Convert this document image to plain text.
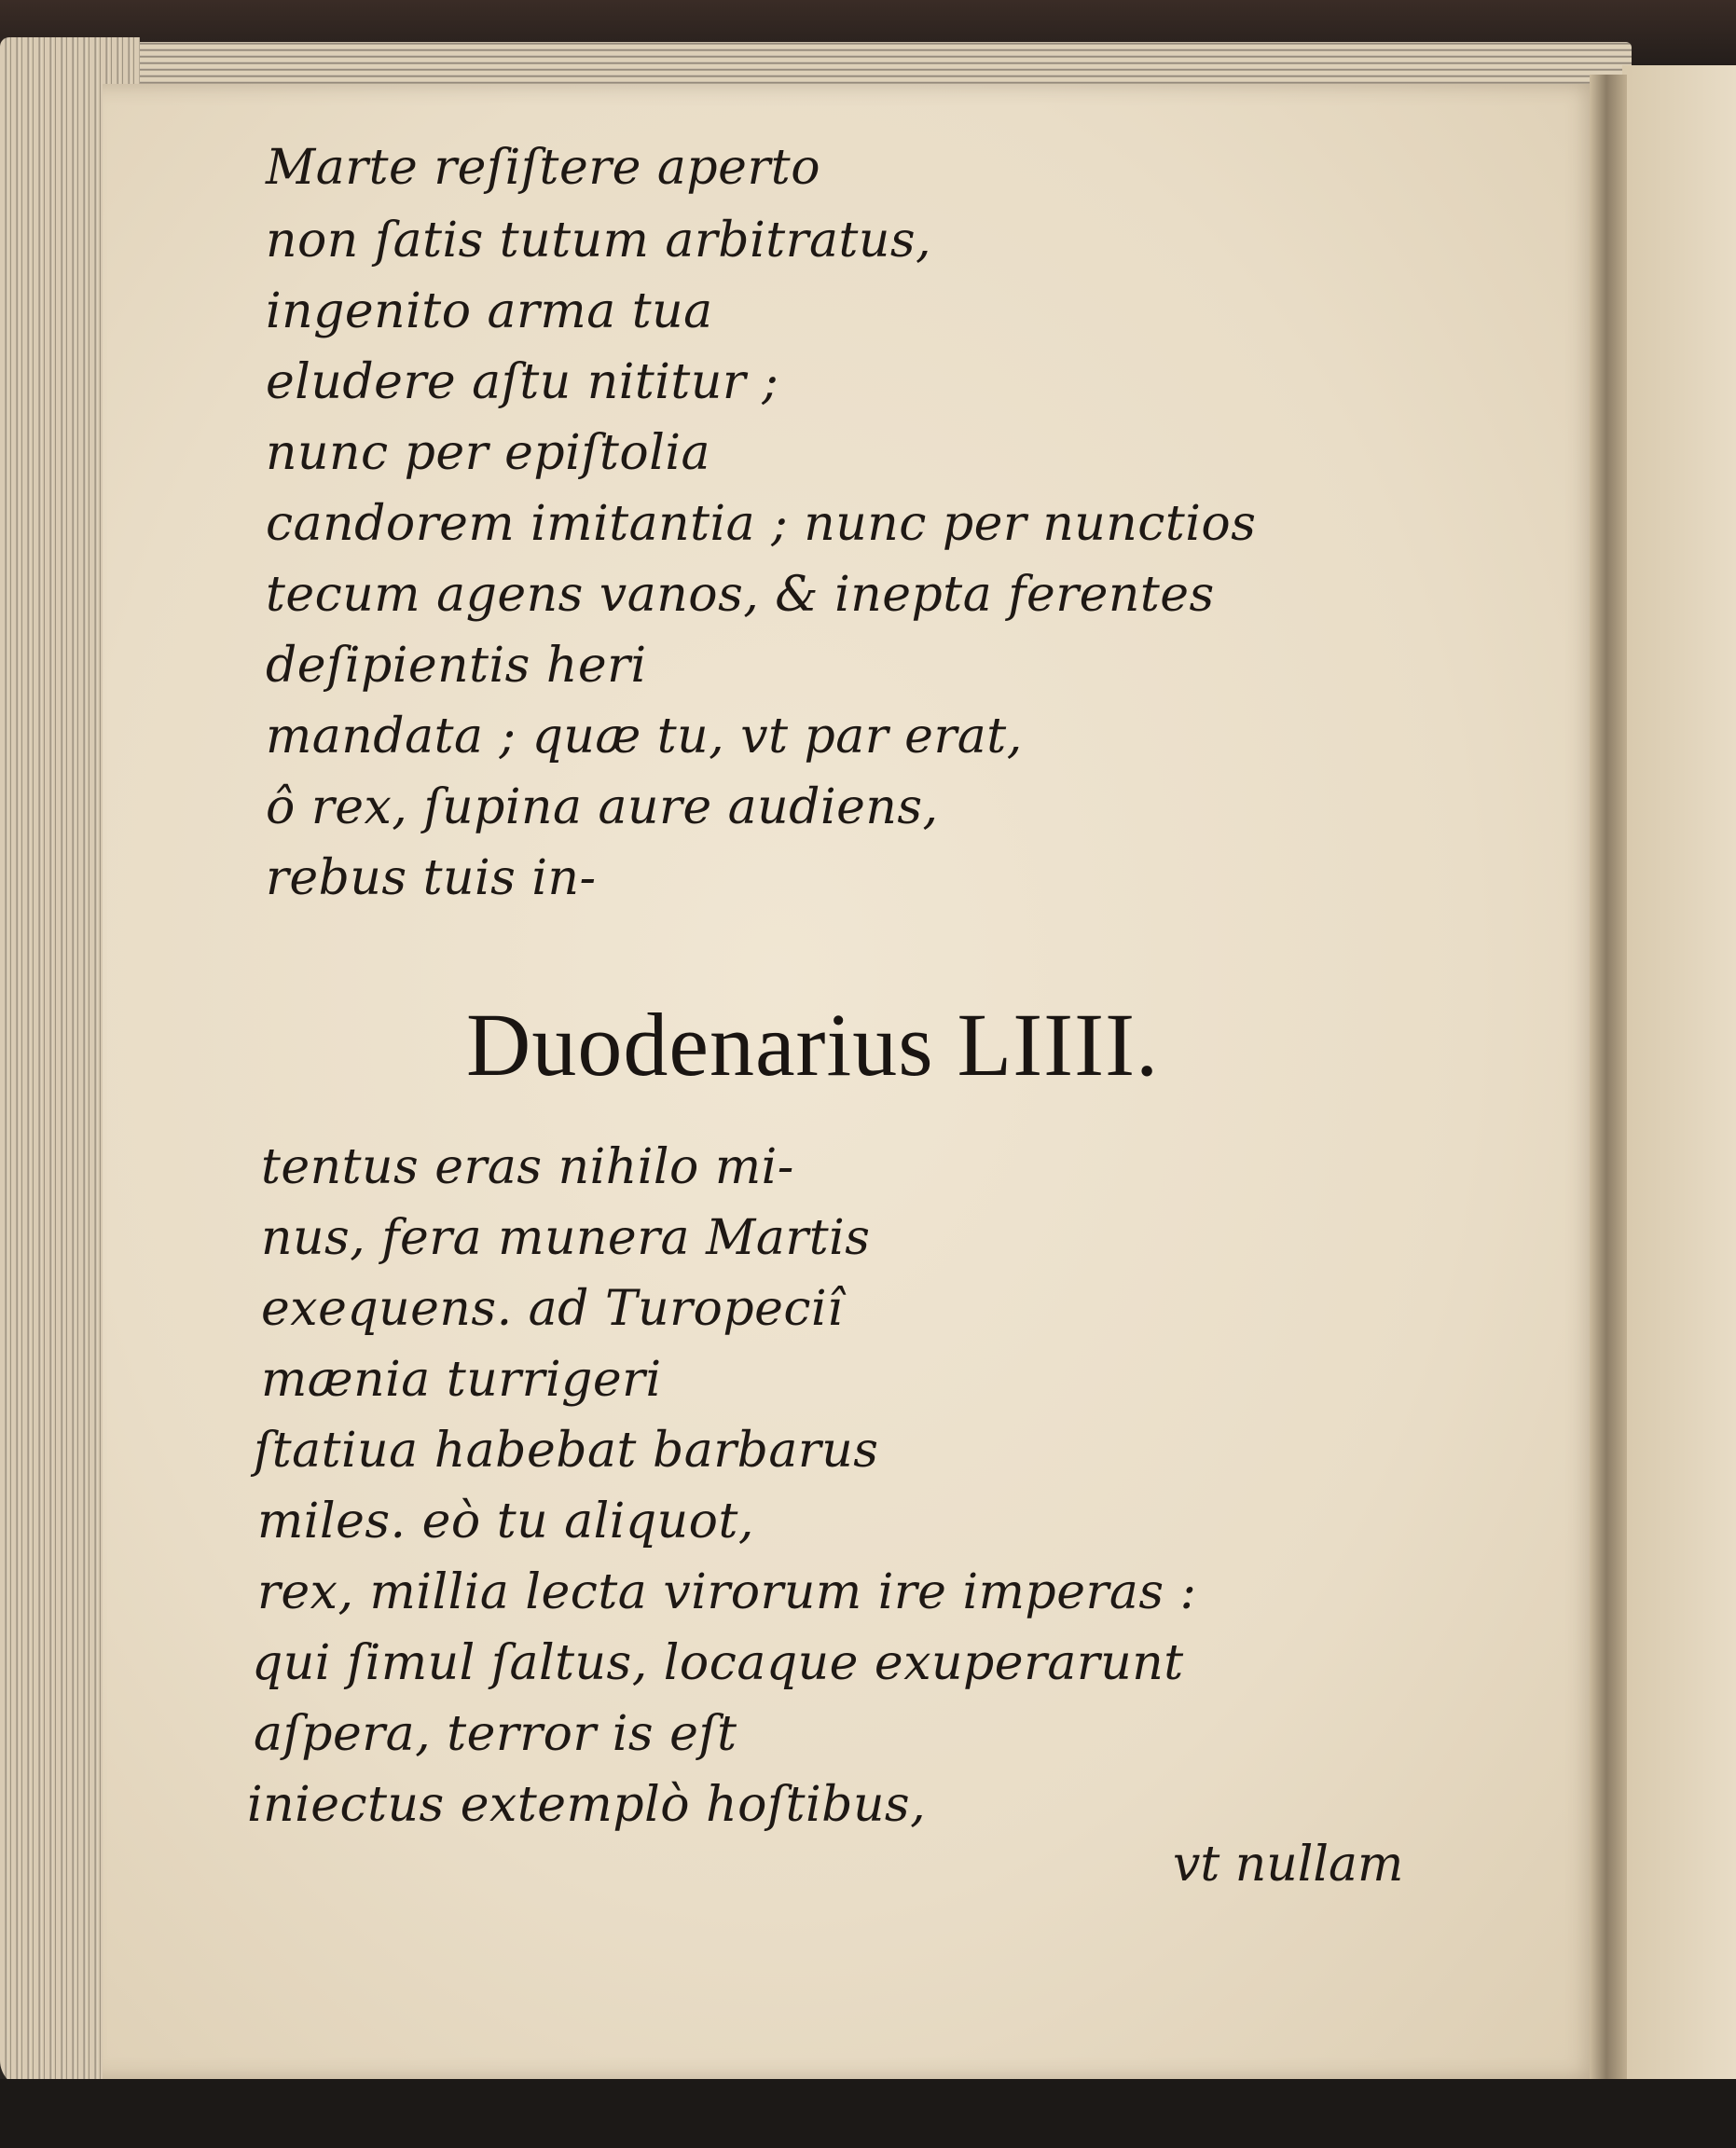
Marte reſiſtere aperto
non ſatis tutum arbitratus,
ingenito arma tua
eludere aſtu nititur ;
nunc per epiſtolia
candorem imitantia ; nunc per nunctios
tecum agens vanos, & inepta ferentes
deſipientis heri
mandata ; quæ tu, vt par erat,
ô rex, ſupina aure audiens,
rebus tuis in-
Duodenarius LIIII.
tentus eras nihilo mi-
nus, fera munera Martis
exequens. ad Turopeciî
mænia turrigeri
ſtatiua habebat barbarus
miles. eò tu aliquot,
rex, millia lecta virorum ire imperas :
qui ſimul ſaltus, locaque exuperarunt
aſpera, terror is eſt
iniectus extemplò hoſtibus,
vt nullam
